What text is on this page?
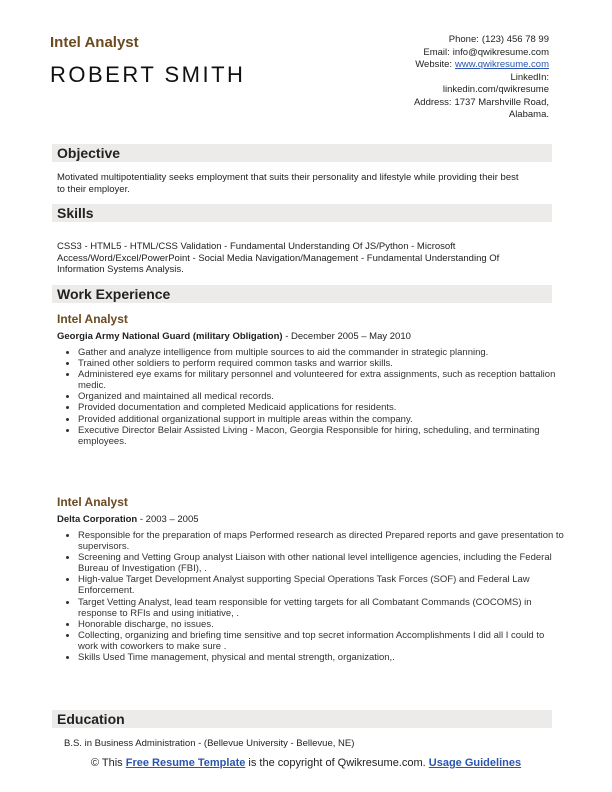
Intel Analyst
ROBERT SMITH
Phone: (123) 456 78 99
Email: info@qwikresume.com
Website: www.qwikresume.com
LinkedIn:
linkedin.com/qwikresume
Address: 1737 Marshville Road,
Alabama.
Objective
Motivated multipotentiality seeks employment that suits their personality and lifestyle while providing their best to their employer.
Skills
CSS3 - HTML5 - HTML/CSS Validation - Fundamental Understanding Of JS/Python - Microsoft Access/Word/Excel/PowerPoint - Social Media Navigation/Management - Fundamental Understanding Of Information Systems Analysis.
Work Experience
Intel Analyst
Georgia Army National Guard (military Obligation) - December 2005 – May 2010
• Gather and analyze intelligence from multiple sources to aid the commander in strategic planning.
• Trained other soldiers to perform required common tasks and warrior skills.
• Administered eye exams for military personnel and volunteered for extra assignments, such as reception battalion medic.
• Organized and maintained all medical records.
• Provided documentation and completed Medicaid applications for residents.
• Provided additional organizational support in multiple areas within the company.
• Executive Director Belair Assisted Living - Macon, Georgia Responsible for hiring, scheduling, and terminating employees.
Intel Analyst
Delta Corporation - 2003 – 2005
• Responsible for the preparation of maps Performed research as directed Prepared reports and gave presentation to supervisors.
• Screening and Vetting Group analyst Liaison with other national level intelligence agencies, including the Federal Bureau of Investigation (FBI), .
• High-value Target Development Analyst supporting Special Operations Task Forces (SOF) and Federal Law Enforcement.
• Target Vetting Analyst, lead team responsible for vetting targets for all Combatant Commands (COCOMS) in response to RFIs and using initiative, .
• Honorable discharge, no issues.
• Collecting, organizing and briefing time sensitive and top secret information Accomplishments I did all I could to work with coworkers to make sure .
• Skills Used Time management, physical and mental strength, organization,.
Education
B.S. in Business Administration - (Bellevue University - Bellevue, NE)
© This Free Resume Template is the copyright of Qwikresume.com. Usage Guidelines
